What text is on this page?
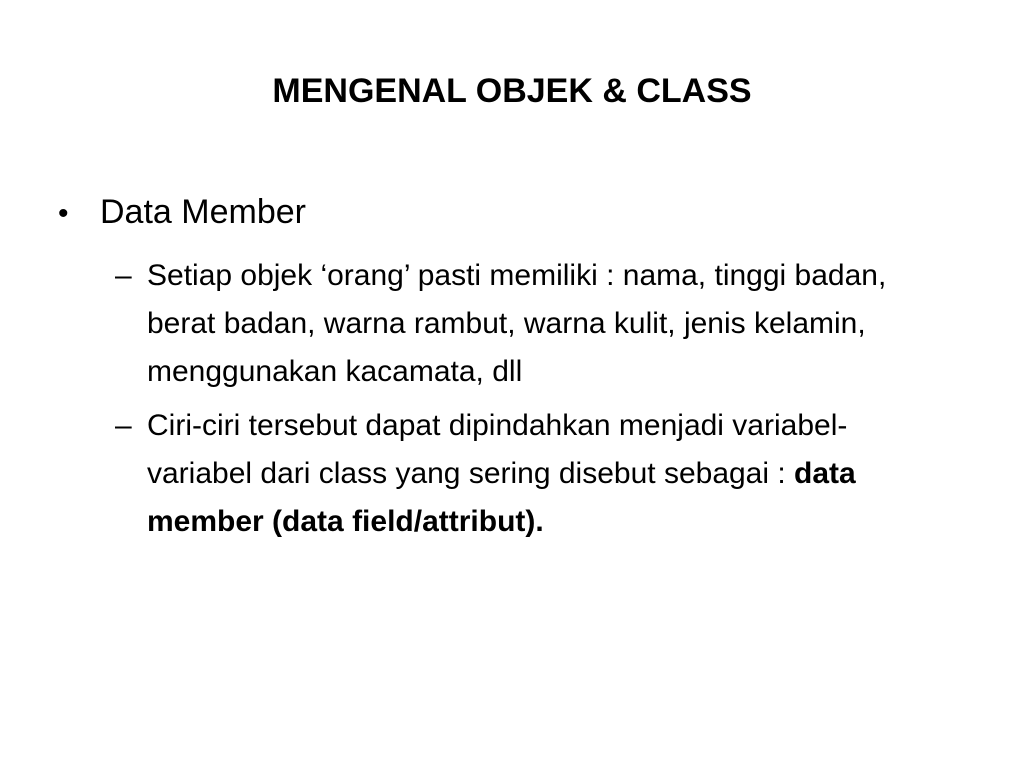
MENGENAL OBJEK & CLASS
• Data Member
– Setiap objek ‘orang’ pasti memiliki : nama, tinggi badan, berat badan, warna rambut, warna kulit, jenis kelamin, menggunakan kacamata, dll
– Ciri-ciri tersebut dapat dipindahkan menjadi variabel-variabel dari class yang sering disebut sebagai : data member (data field/attribut).
